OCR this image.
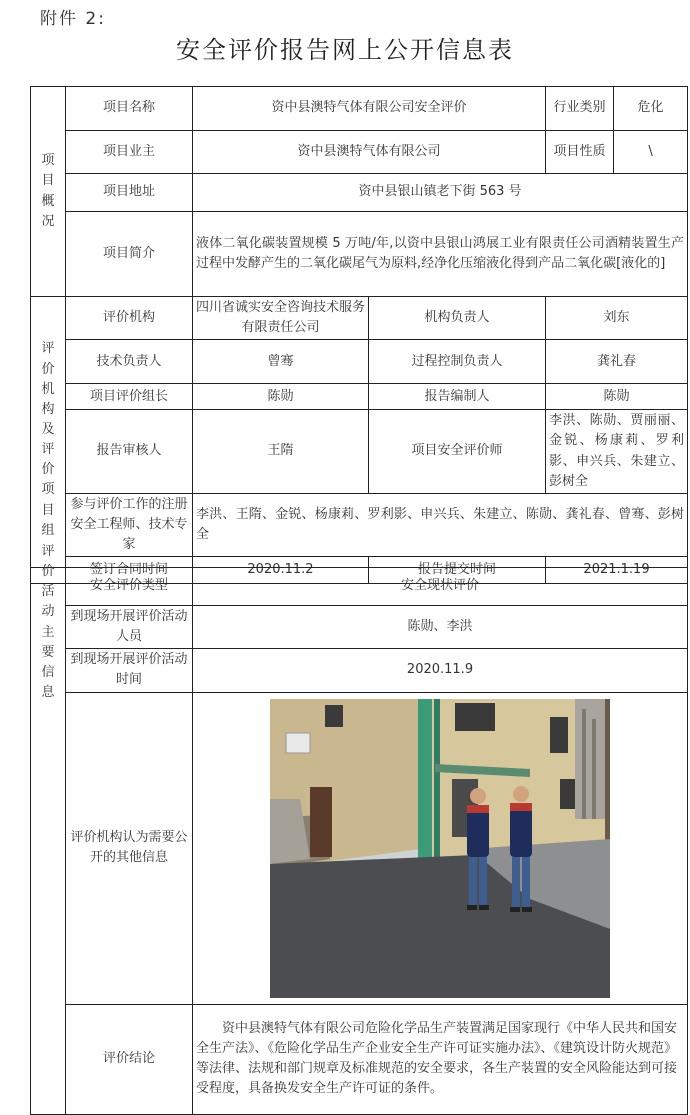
附件 2:
安全评价报告网上公开信息表
项目概况	项目名称	资中县澳特气体有限公司安全评价		行业类别	危化
	项目业主	资中县澳特气体有限公司		项目性质	\
	项目地址	资中县银山镇老下街 563 号			
	项目简介	液体二氧化碳装置规模 5 万吨/年,以资中县银山鸿展工业有限责任公司酒精装置生产过程中发酵产生的二氧化碳尾气为原料,经净化压缩液化得到产品二氧化碳[液化的]			

评价机构及评价项目组	评价机构	四川省诚实安全咨询技术服务有限责任公司	机构负责人	刘东	
	技术负责人	曾骞	过程控制负责人	龚礼春	
	项目评价组长	陈勋	报告编制人	陈勋	
	报告审核人	王隋	项目安全评价师	李洪、陈勋、贾丽丽、金锐、杨康莉、罗利影、申兴兵、朱建立、彭树全	
	参与评价工作的注册安全工程师、技术专家	李洪、王隋、金锐、杨康莉、罗利影、申兴兵、朱建立、陈勋、龚礼春、曾骞、彭树全			
	签订合同时间	2020.11.2	报告提交时间	2021.1.19	
评价活动主要信息	安全评价类型	安全现状评价
	到现场开展评价活动人员	陈勋、李洪
	到现场开展评价活动时间	2020.11.9
	评价机构认为需要公开的其他信息	

	评价结论	资中县澳特气体有限公司危险化学品生产装置满足国家现行《中华人民共和国安全生产法》、《危险化学品生产企业安全生产许可证实施办法》、《建筑设计防火规范》等法律、法规和部门规章及标准规范的安全要求，各生产装置的安全风险能达到可接受程度，具备换发安全生产许可证的条件。
